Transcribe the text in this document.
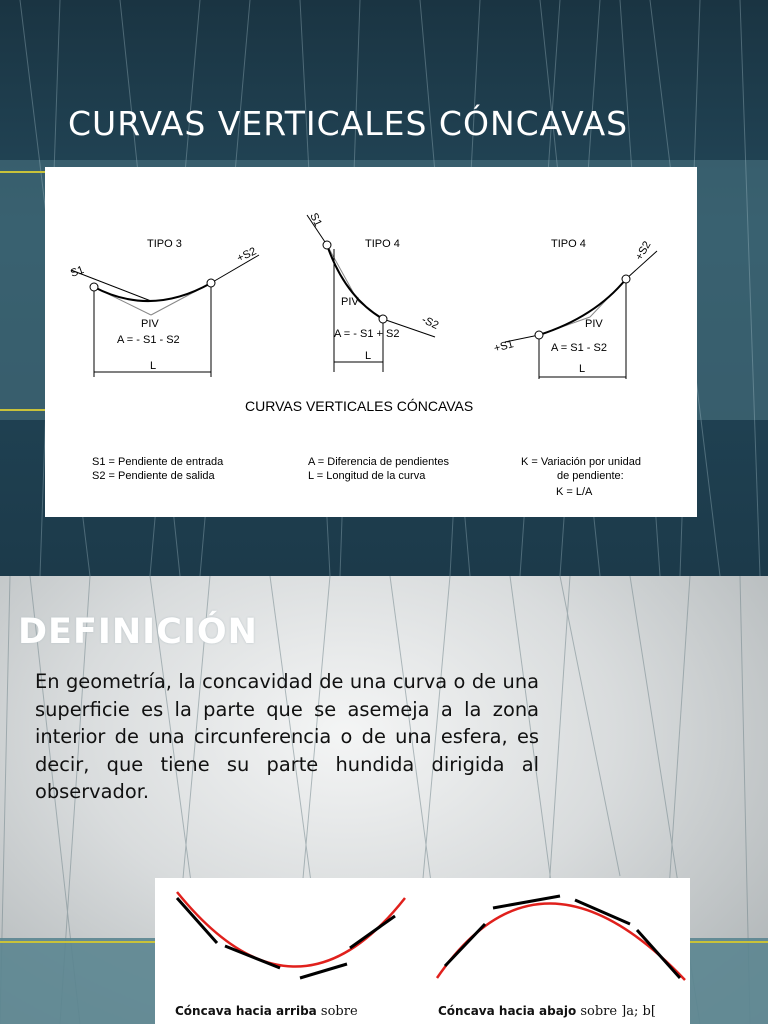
CURVAS VERTICALES CÓNCAVAS
TIPO 3
S1
+S2
PIV
A = - S1 - S2
L
TIPO 4
S1
-S2
PIV
A = - S1 + S2
L
TIPO 4
+S1
+S2
PIV
A = S1 - S2
L
CURVAS VERTICALES CÓNCAVAS
S1 = Pendiente de entrada
S2 = Pendiente de salida
A = Diferencia de pendientes
L = Longitud de la curva
K = Variación por unidad
de pendiente:
K = L/A
DEFINICIÓN
En geometría, la concavidad de una curva o de una superficie es la parte que se asemeja a la zona interior de una circunferencia o de una esfera, es decir, que tiene su parte hundida dirigida al observador.
Cóncava hacia arriba sobre	Cóncava hacia abajo sobre ]a; b[
